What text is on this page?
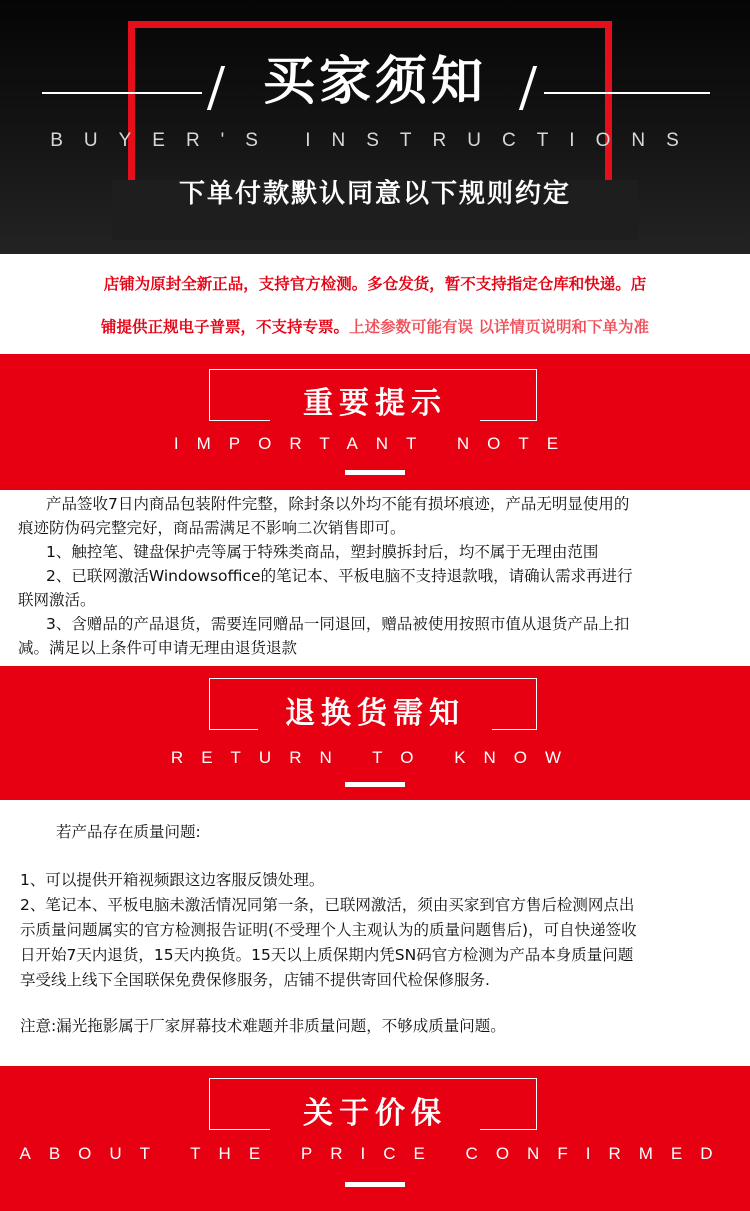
买家须知
BUYER'S INSTRUCTIONS
下单付款默认同意以下规则约定
店铺为原封全新正品，支持官方检测。多仓发货，暂不支持指定仓库和快递。店
铺提供正规电子普票，不支持专票。上述参数可能有误 以详情页说明和下单为准
重要提示
IMPORTANT NOTE
产品签收7日内商品包装附件完整，除封条以外均不能有损坏痕迹，产品无明显使用的
痕迹防伪码完整完好，商品需满足不影响二次销售即可。
1、触控笔、键盘保护壳等属于特殊类商品，塑封膜拆封后，均不属于无理由范围
2、已联网激活Windowsoffice的笔记本、平板电脑不支持退款哦，请确认需求再进行
联网激活。
3、含赠品的产品退货，需要连同赠品一同退回，赠品被使用按照市值从退货产品上扣
减。满足以上条件可申请无理由退货退款
退换货需知
RETURN TO KNOW
若产品存在质量问题:
1、可以提供开箱视频跟这边客服反馈处理。
2、笔记本、平板电脑未激活情况同第一条，已联网激活，须由买家到官方售后检测网点出
示质量问题属实的官方检测报告证明(不受理个人主观认为的质量问题售后)，可自快递签收
日开始7天内退货，15天内换货。15天以上质保期内凭SN码官方检测为产品本身质量问题
享受线上线下全国联保免费保修服务，店铺不提供寄回代检保修服务.
注意:漏光拖影属于厂家屏幕技术难题并非质量问题，不够成质量问题。
关于价保
ABOUT THE PRICE CONFIRMED
